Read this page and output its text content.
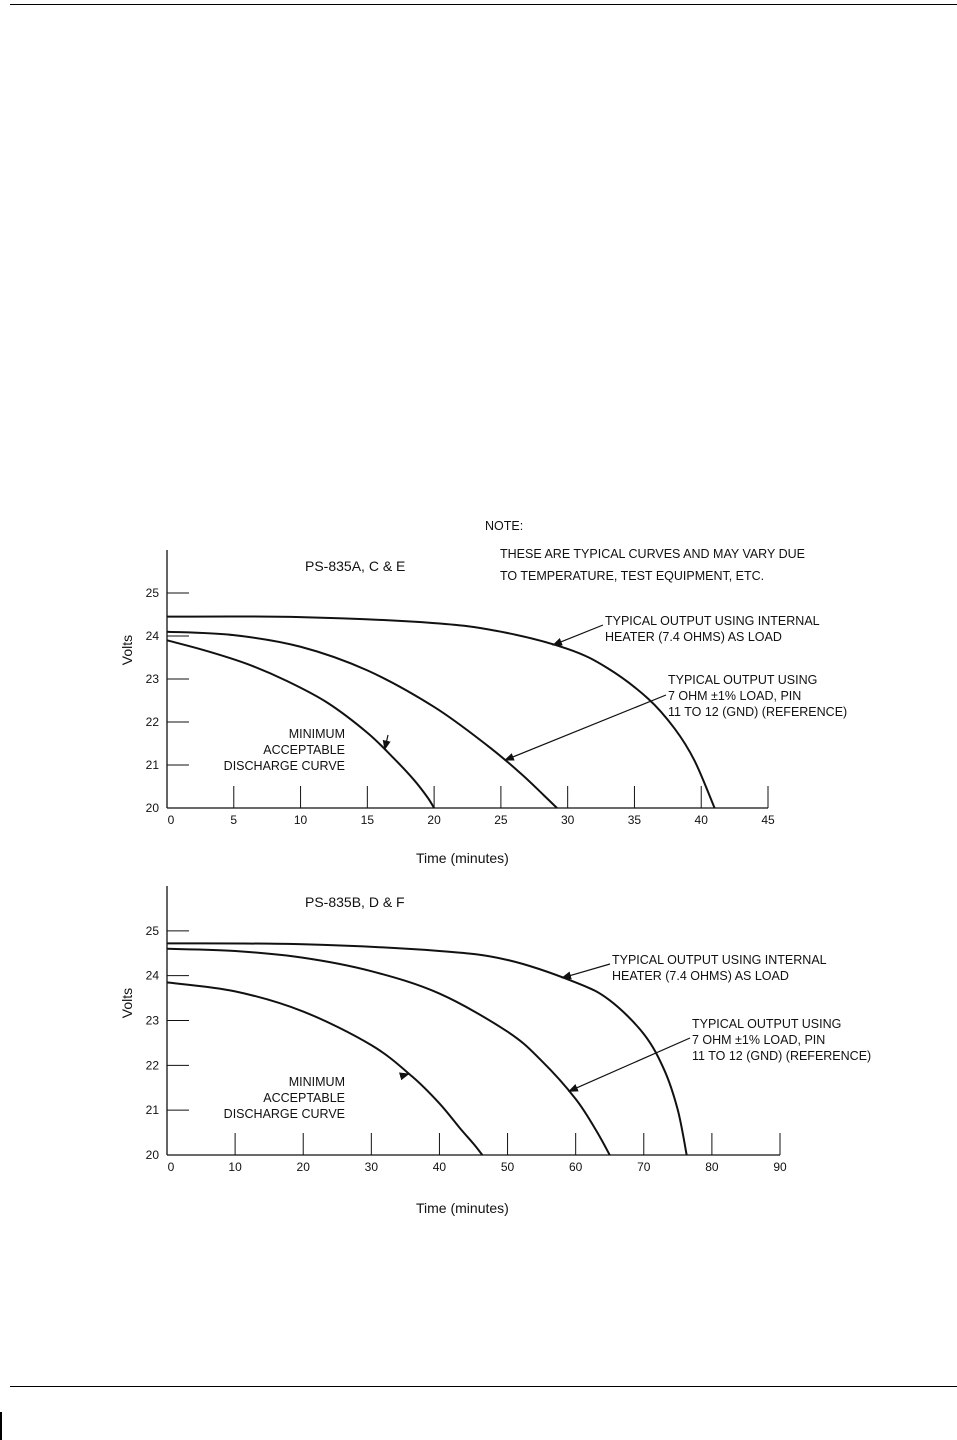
NOTE:
THESE ARE TYPICAL CURVES AND MAY VARY DUE
TO TEMPERATURE, TEST EQUIPMENT, ETC.
PS-835A, C & E
Time (minutes)
Volts
TYPICAL OUTPUT USING INTERNAL
HEATER (7.4 OHMS) AS LOAD
TYPICAL OUTPUT USING
7 OHM ±1% LOAD, PIN
11 TO 12 (GND) (REFERENCE)
MINIMUM
ACCEPTABLE
DISCHARGE CURVE
20
21
22
23
24
25
0	5	10	15	20	25	30	35	40	45
PS-835B, D & F
Time (minutes)
Volts
TYPICAL OUTPUT USING INTERNAL
HEATER (7.4 OHMS) AS LOAD
TYPICAL OUTPUT USING
7 OHM ±1% LOAD, PIN
11 TO 12 (GND) (REFERENCE)
MINIMUM
ACCEPTABLE
DISCHARGE CURVE
20
21
22
23
24
25
0	10	20	30	40	50	60	70	80	90
